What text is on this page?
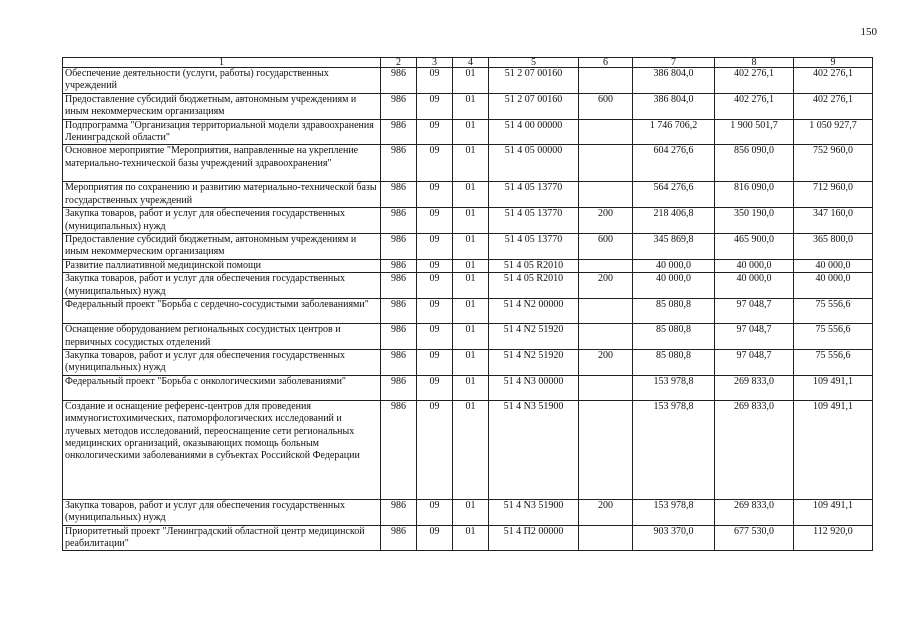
150
1	2	3	4	5	6	7	8	9
Обеспечение деятельности (услуги, работы) государственных учреждений	986	09	01	51 2 07 00160		386 804,0	402 276,1	402 276,1
Предоставление субсидий бюджетным, автономным учреждениям и иным некоммерческим организациям	986	09	01	51 2 07 00160	600	386 804,0	402 276,1	402 276,1
Подпрограмма "Организация территориальной модели здравоохранения Ленинградской области"	986	09	01	51 4 00 00000		1 746 706,2	1 900 501,7	1 050 927,7
Основное мероприятие "Мероприятия, направленные на укрепление материально-технической базы учреждений здравоохранения"	986	09	01	51 4 05 00000		604 276,6	856 090,0	752 960,0
Мероприятия по сохранению и развитию материально-технической базы государственных учреждений	986	09	01	51 4 05 13770		564 276,6	816 090,0	712 960,0
Закупка товаров, работ и услуг для обеспечения государственных (муниципальных) нужд	986	09	01	51 4 05 13770	200	218 406,8	350 190,0	347 160,0
Предоставление субсидий бюджетным, автономным учреждениям и иным некоммерческим организациям	986	09	01	51 4 05 13770	600	345 869,8	465 900,0	365 800,0
Развитие паллиативной медицинской помощи	986	09	01	51 4 05 R2010		40 000,0	40 000,0	40 000,0
Закупка товаров, работ и услуг для обеспечения государственных (муниципальных) нужд	986	09	01	51 4 05 R2010	200	40 000,0	40 000,0	40 000,0
Федеральный проект "Борьба с сердечно-сосудистыми заболеваниями"	986	09	01	51 4 N2 00000		85 080,8	97 048,7	75 556,6
Оснащение оборудованием региональных сосудистых центров и первичных сосудистых отделений	986	09	01	51 4 N2 51920		85 080,8	97 048,7	75 556,6
Закупка товаров, работ и услуг для обеспечения государственных (муниципальных) нужд	986	09	01	51 4 N2 51920	200	85 080,8	97 048,7	75 556,6
Федеральный проект "Борьба с онкологическими заболеваниями"	986	09	01	51 4 N3 00000		153 978,8	269 833,0	109 491,1
Создание и оснащение референс-центров для проведения иммуногистохимических, патоморфологических исследований и лучевых методов исследований, переоснащение сети региональных медицинских организаций, оказывающих помощь больным онкологическими заболеваниями в субъектах Российской Федерации	986	09	01	51 4 N3 51900		153 978,8	269 833,0	109 491,1
Закупка товаров, работ и услуг для обеспечения государственных (муниципальных) нужд	986	09	01	51 4 N3 51900	200	153 978,8	269 833,0	109 491,1
Приоритетный проект "Ленинградский областной центр медицинской реабилитации"	986	09	01	51 4 П2 00000		903 370,0	677 530,0	112 920,0
